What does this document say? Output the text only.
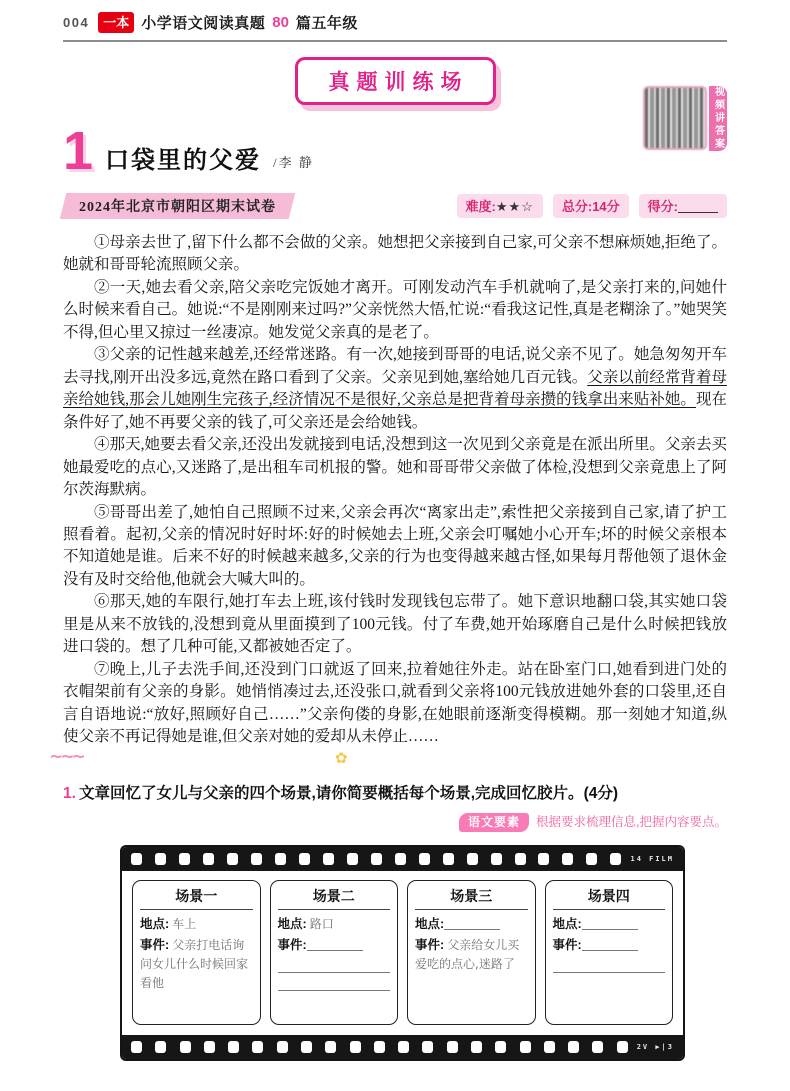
004	一本 小学语文阅读真题 80 篇五年级
真题训练场
1 口袋里的父爱 /李 静
视频讲答案
2024年北京市朝阳区期末试卷	难度:★★☆	总分:14分	得分:

①母亲去世了,留下什么都不会做的父亲。她想把父亲接到自己家,可父亲不想麻烦她,拒绝了。她就和哥哥轮流照顾父亲。

②一天,她去看父亲,陪父亲吃完饭她才离开。可刚发动汽车手机就响了,是父亲打来的,问她什么时候来看自己。她说:“不是刚刚来过吗?”父亲恍然大悟,忙说:“看我这记性,真是老糊涂了。”她哭笑不得,但心里又掠过一丝凄凉。她发觉父亲真的是老了。

③父亲的记性越来越差,还经常迷路。有一次,她接到哥哥的电话,说父亲不见了。她急匆匆开车去寻找,刚开出没多远,竟然在路口看到了父亲。父亲见到她,塞给她几百元钱。父亲以前经常背着母亲给她钱,那会儿她刚生完孩子,经济情况不是很好,父亲总是把背着母亲攒的钱拿出来贴补她。现在条件好了,她不再要父亲的钱了,可父亲还是会给她钱。

④那天,她要去看父亲,还没出发就接到电话,没想到这一次见到父亲竟是在派出所里。父亲去买她最爱吃的点心,又迷路了,是出租车司机报的警。她和哥哥带父亲做了体检,没想到父亲竟患上了阿尔茨海默病。

⑤哥哥出差了,她怕自己照顾不过来,父亲会再次“离家出走”,索性把父亲接到自己家,请了护工照看着。起初,父亲的情况时好时坏:好的时候她去上班,父亲会叮嘱她小心开车;坏的时候父亲根本不知道她是谁。后来不好的时候越来越多,父亲的行为也变得越来越古怪,如果每月帮他领了退休金没有及时交给他,他就会大喊大叫的。

⑥那天,她的车限行,她打车去上班,该付钱时发现钱包忘带了。她下意识地翻口袋,其实她口袋里是从来不放钱的,没想到竟从里面摸到了100元钱。付了车费,她开始琢磨自己是什么时候把钱放进口袋的。想了几种可能,又都被她否定了。

⑦晚上,儿子去洗手间,还没到门口就返了回来,拉着她往外走。站在卧室门口,她看到进门处的衣帽架前有父亲的身影。她悄悄凑过去,还没张口,就看到父亲将100元钱放进她外套的口袋里,还自言自语地说:“放好,照顾好自己……”父亲佝偻的身影,在她眼前逐渐变得模糊。那一刻她才知道,纵使父亲不再记得她是谁,但父亲对她的爱却从未停止……

~~~	✿
1. 文章回忆了女儿与父亲的四个场景,请你简要概括每个场景,完成回忆胶片。(4分)
语文要素 根据要求梳理信息,把握内容要点。
14 FILM
场景一
地点: 车上
事件: 父亲打电话询问女儿什么时候回家看他
场景二
地点: 路口
事件:
场景三
地点:
事件: 父亲给女儿买爱吃的点心,迷路了
场景四
地点:
事件:
2V ▶|3
